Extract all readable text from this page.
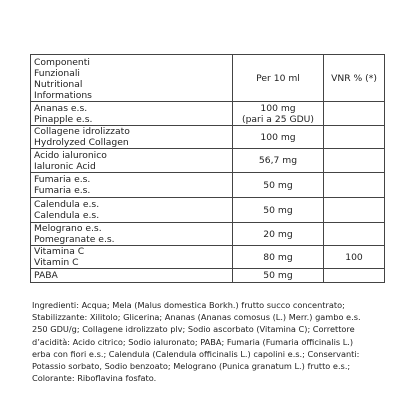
Componenti
Funzionali
Nutritional
Informations	Per 10 ml	VNR % (*)

Ananas e.s.
Pinapple e.s.	100 mg
(pari a 25 GDU)	

Collagene idrolizzato
Hydrolyzed Collagen	100 mg	

Acido ialuronico
Ialuronic Acid	56,7 mg	

Fumaria e.s.
Fumaria e.s.	50 mg	

Calendula e.s.
Calendula e.s.	50 mg	

Melograno e.s.
Pomegranate e.s.	20 mg	

Vitamina C
Vitamin C	80 mg	100

PABA	50 mg	

Ingredienti: Acqua; Mela (Malus domestica Borkh.) frutto succo concentrato;
Stabilizzante: Xilitolo; Glicerina; Ananas (Ananas comosus (L.) Merr.) gambo e.s.
250 GDU/g; Collagene idrolizzato plv; Sodio ascorbato (Vitamina C); Correttore
d’acidità: Acido citrico; Sodio ialuronato; PABA; Fumaria (Fumaria officinalis L.)
erba con fiori e.s.; Calendula (Calendula officinalis L.) capolini e.s.; Conservanti:
Potassio sorbato, Sodio benzoato; Melograno (Punica granatum L.) frutto e.s.;
Colorante: Riboflavina fosfato.
